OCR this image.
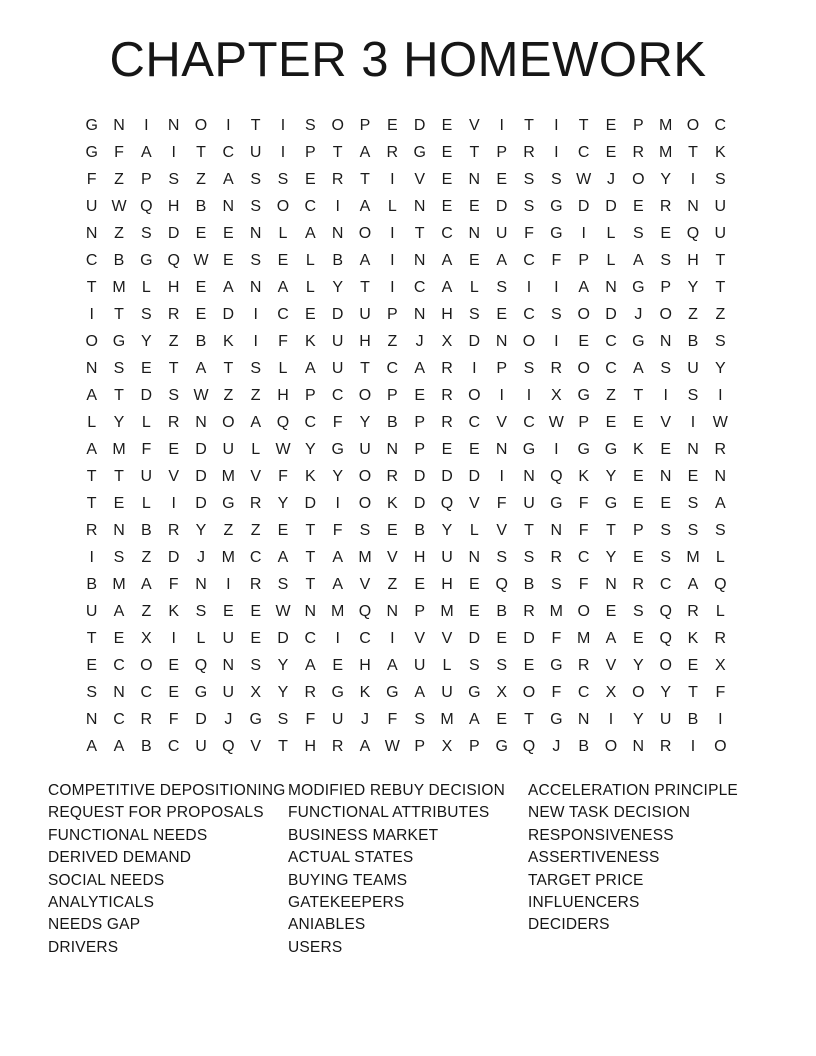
CHAPTER 3 HOMEWORK
G N	I	N O	I	T	I	S O P	E	D	E	V	I	T	I	T	E	P M O C
G	F	A	I	T	C U	I	P	T	A	R G E	T	P	R	I	C	E	R M T	K
F	Z	P	S	Z	A	S	S	E	R	T	I	V	E	N	E	S	S W J	O Y	I	S
U W Q H	B	N	S O C	I	A	L	N	E	E	D	S G D D	E	R N U
N	Z	S	D	E	E	N	L	A	N O	I	T	C N U	F	G	I	L	S	E Q U
C	B G Q W E	S	E	L	B	A	I	N	A	E	A	C	F	P	L	A	S	H	T
T M	L	H	E	A	N	A	L	Y	T	I	C	A	L	S	I	I	A	N G P	Y	T
I	T	S	R	E	D	I	C	E	D U	P	N H	S	E	C	S O D	J	O	Z	Z
O G Y	Z	B	K	I	F	K	U H	Z	J	X	D N O	I	E	C G N	B	S
N	S	E	T	A	T	S	L	A	U	T	C	A	R	I	P	S	R O C	A	S	U	Y
A	T	D	S W Z	Z	H	P	C O P	E	R O	I	I	X G	Z	T	I	S	I
L	Y	L	R N O A Q C	F	Y	B	P	R C	V	C W P	E	E	V	I	W
A M F	E	D U	L W Y G U N	P	E	E	N G	I	G G K	E	N R
T	T	U	V	D M V	F	K	Y O R D D D	I	N Q K	Y	E	N	E	N
T	E	L	I	D G R	Y	D	I	O K	D Q V	F	U G	F	G E	E	S	A
R N	B	R	Y	Z	Z	E	T	F	S	E	B	Y	L	V	T	N	F	T	P	S	S	S
I	S	Z	D	J	M C	A	T	A M V	H U N	S	S	R C	Y	E	S M	L
B M A	F	N	I	R	S	T	A	V	Z	E	H	E Q B	S	F	N R C	A Q
U	A	Z	K	S	E	E W N M Q N	P M E	B	R M O E	S Q R	L
T	E	X	I	L	U	E	D C	I	C	I	V	V	D	E	D	F M A	E Q K	R
E	C O E Q N	S	Y	A	E	H	A	U	L	S	S	E G R	V	Y O E	X
S	N C	E G U	X	Y	R G K G A	U G X O	F	C	X O Y	T	F
N C R	F	D	J	G S	F	U	J	F	S M A	E	T	G N	I	Y	U	B	I
A	A	B	C U Q V	T	H R	A W P	X	P G Q	J	B O N R	I	O
COMPETITIVE DEPOSITIONING
REQUEST FOR PROPOSALS
FUNCTIONAL NEEDS
DERIVED DEMAND
SOCIAL NEEDS
ANALYTICALS
NEEDS GAP
DRIVERS
MODIFIED REBUY DECISION
FUNCTIONAL ATTRIBUTES
BUSINESS MARKET
ACTUAL STATES
BUYING TEAMS
GATEKEEPERS
ANIABLES
USERS
ACCELERATION PRINCIPLE
NEW TASK DECISION
RESPONSIVENESS
ASSERTIVENESS
TARGET PRICE
INFLUENCERS
DECIDERS
